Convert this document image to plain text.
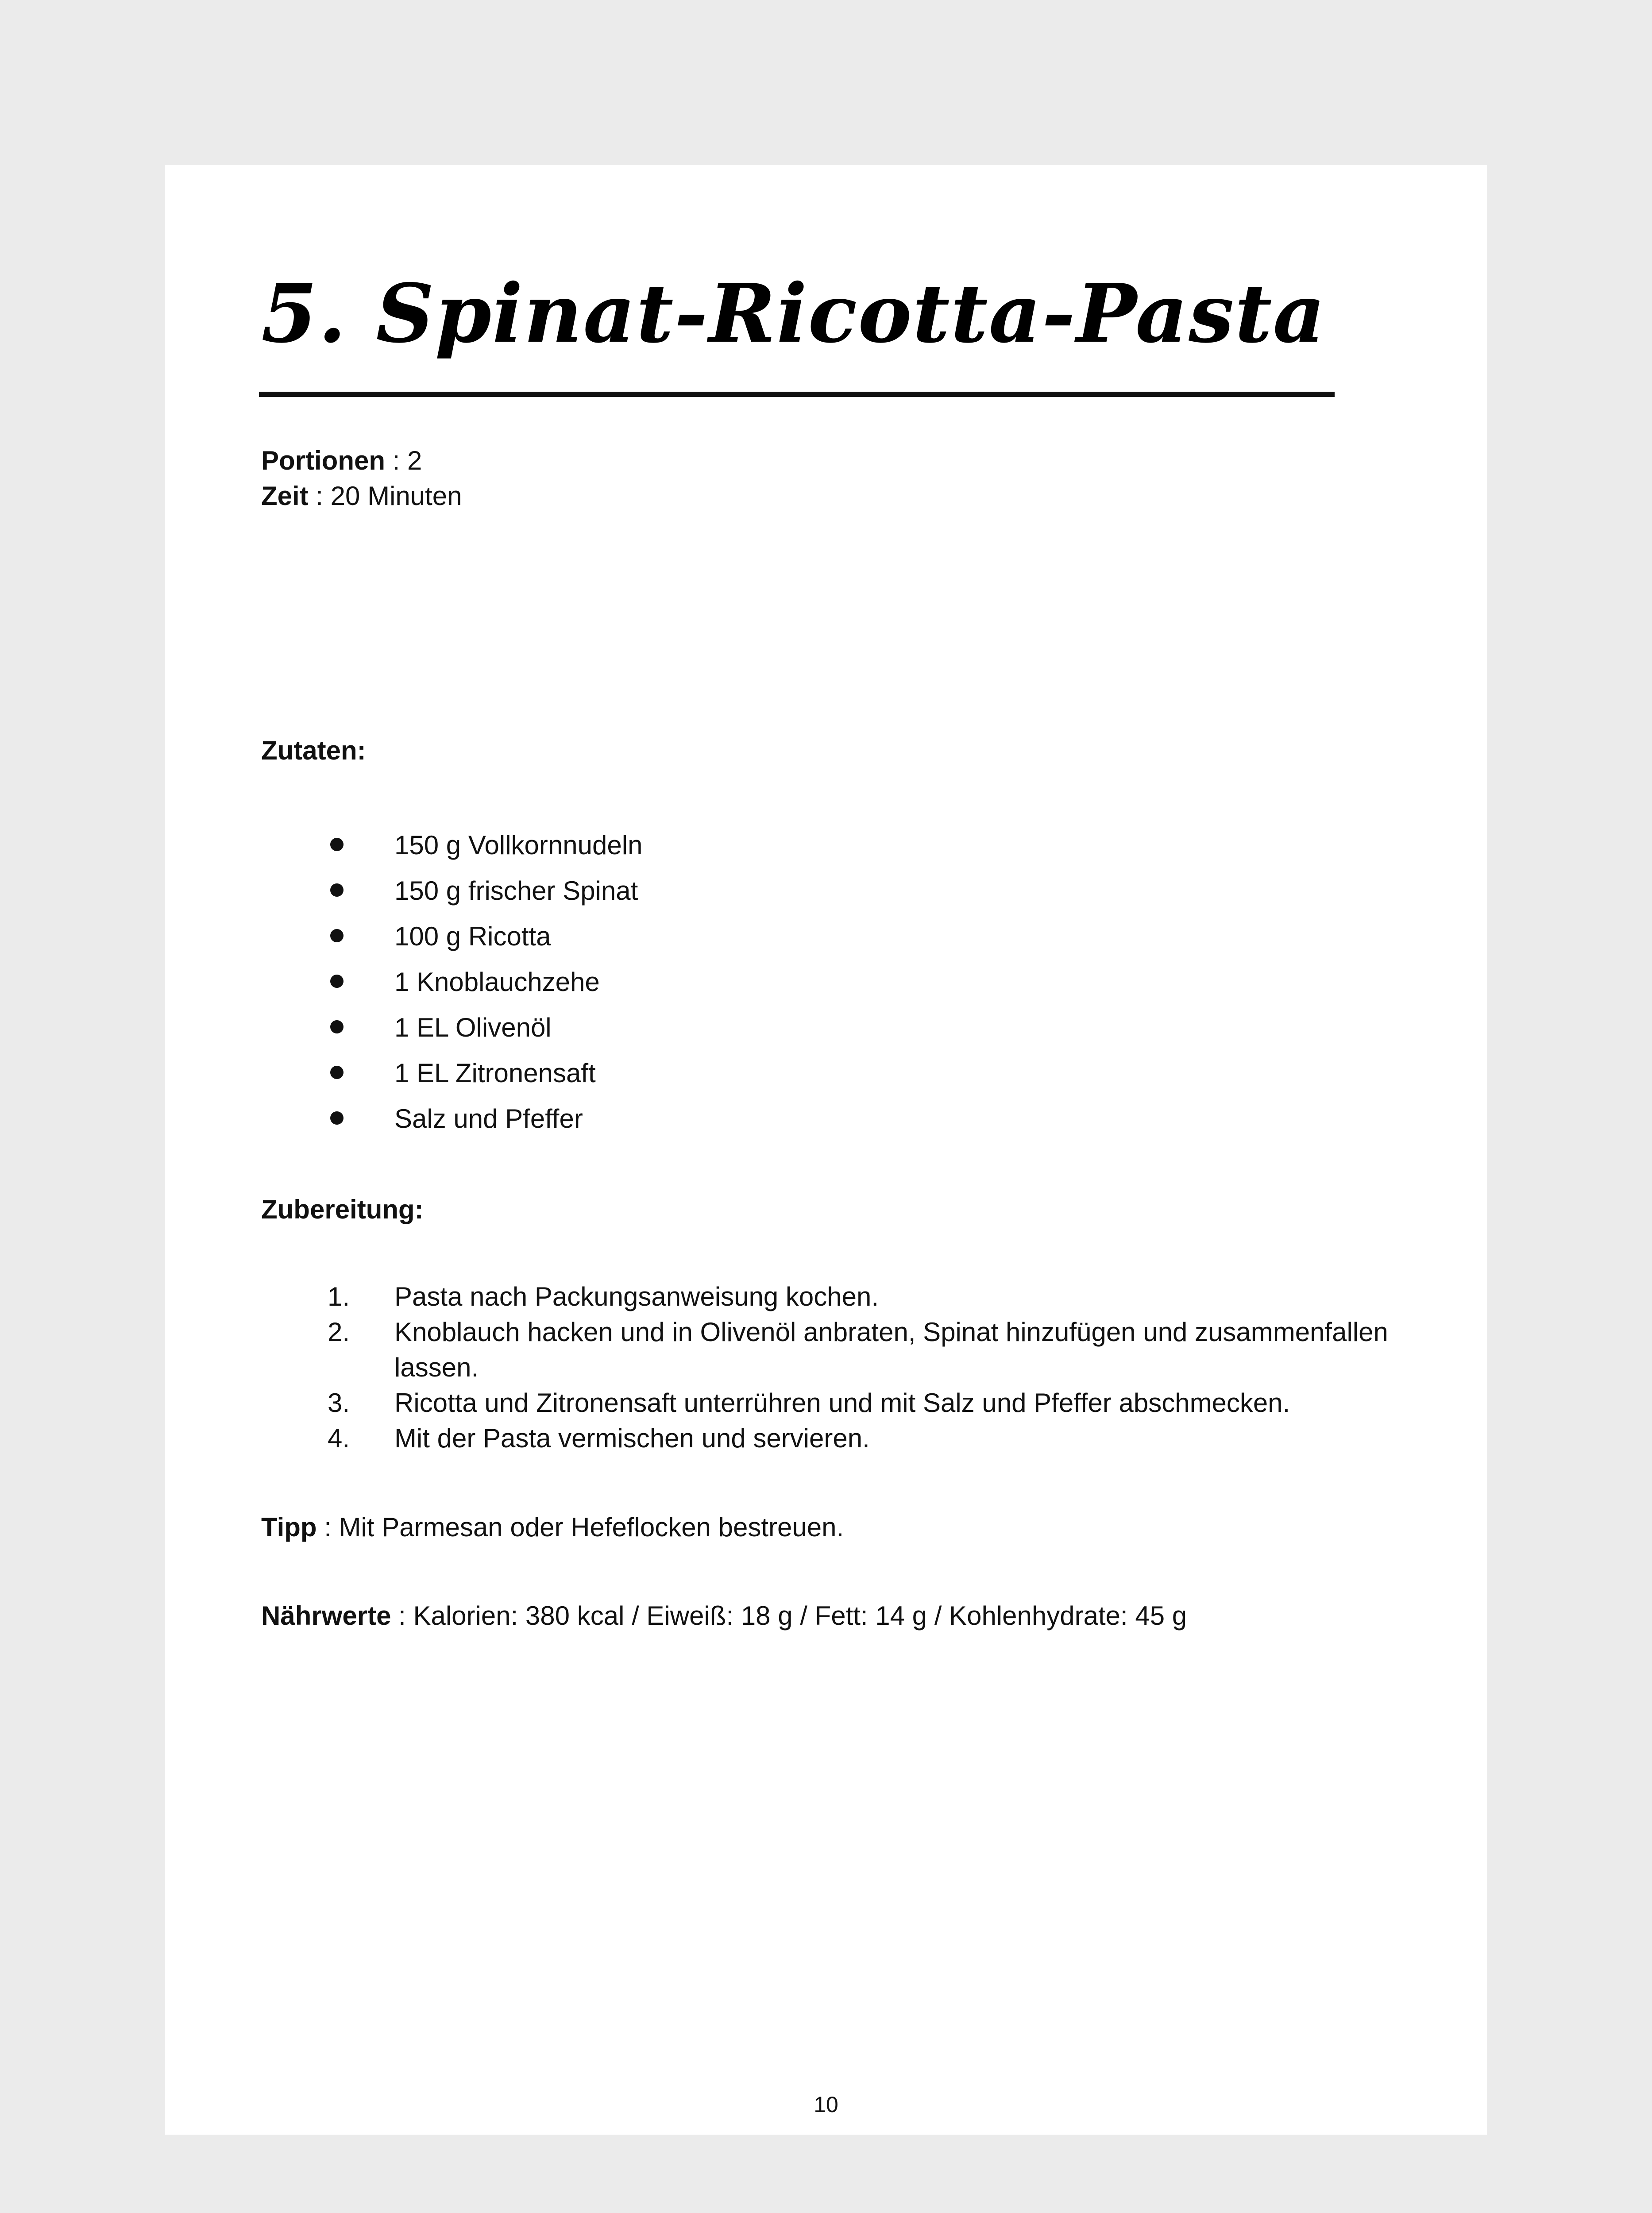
5. Spinat-Ricotta-Pasta
Portionen : 2
Zeit : 20 Minuten
Zutaten:
150 g Vollkornnudeln
150 g frischer Spinat
100 g Ricotta
1 Knoblauchzehe
1 EL Olivenöl
1 EL Zitronensaft
Salz und Pfeffer
Zubereitung:
1. Pasta nach Packungsanweisung kochen.
2. Knoblauch hacken und in Olivenöl anbraten, Spinat hinzufügen und zusammenfallen lassen.
3. Ricotta und Zitronensaft unterrühren und mit Salz und Pfeffer abschmecken.
4. Mit der Pasta vermischen und servieren.
Tipp : Mit Parmesan oder Hefeflocken bestreuen.
Nährwerte : Kalorien: 380 kcal / Eiweiß: 18 g / Fett: 14 g / Kohlenhydrate: 45 g
10
